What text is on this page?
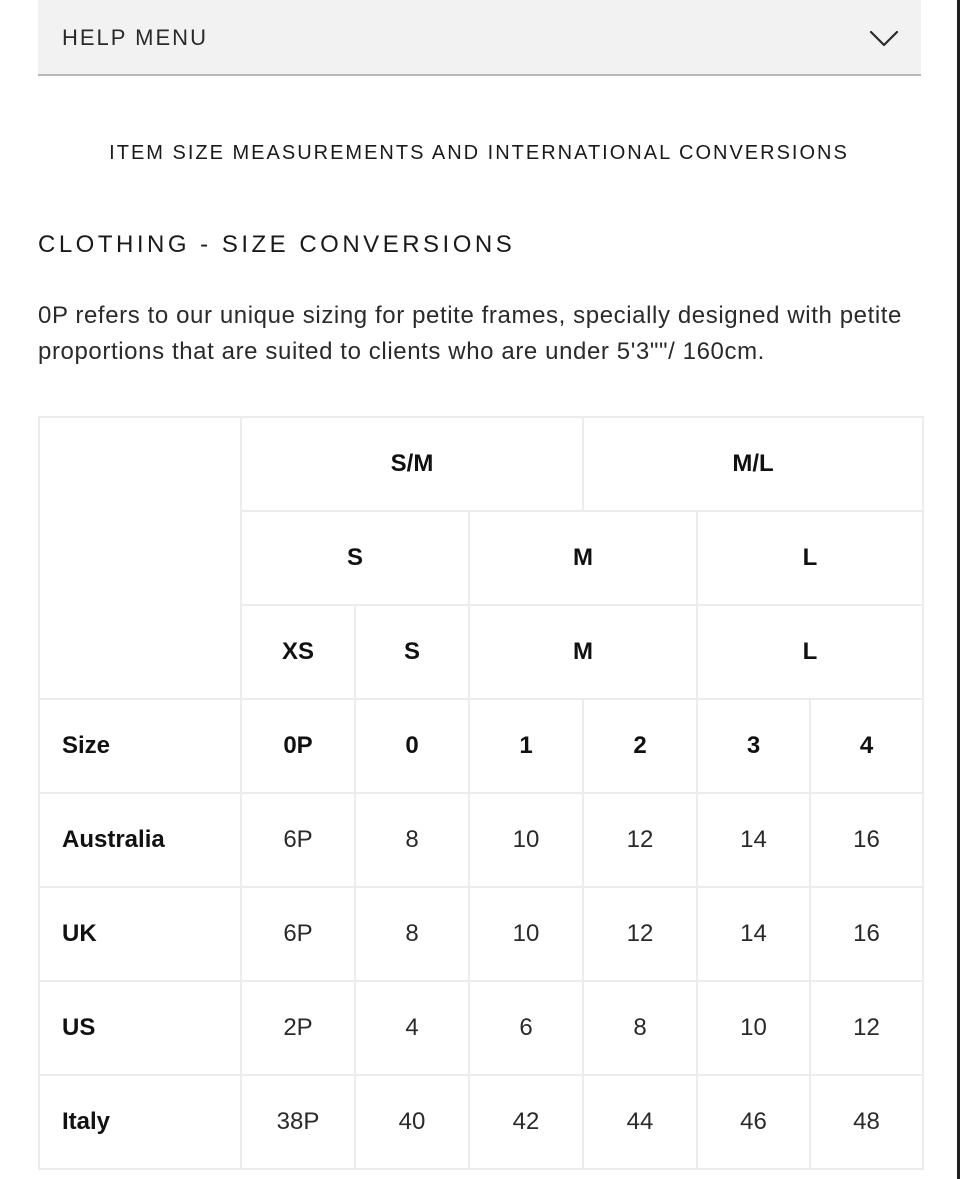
HELP MENU
ITEM SIZE MEASUREMENTS AND INTERNATIONAL CONVERSIONS
CLOTHING - SIZE CONVERSIONS
0P refers to our unique sizing for petite frames, specially designed with petite proportions that are suited to clients who are under 5'3""/ 160cm.
	S/M			M/L		
	S		M		L	
	XS	S	M		L	
Size	0P	0	1	2	3	4
Australia	6P	8	10	12	14	16
UK	6P	8	10	12	14	16
US	2P	4	6	8	10	12
Italy	38P	40	42	44	46	48
